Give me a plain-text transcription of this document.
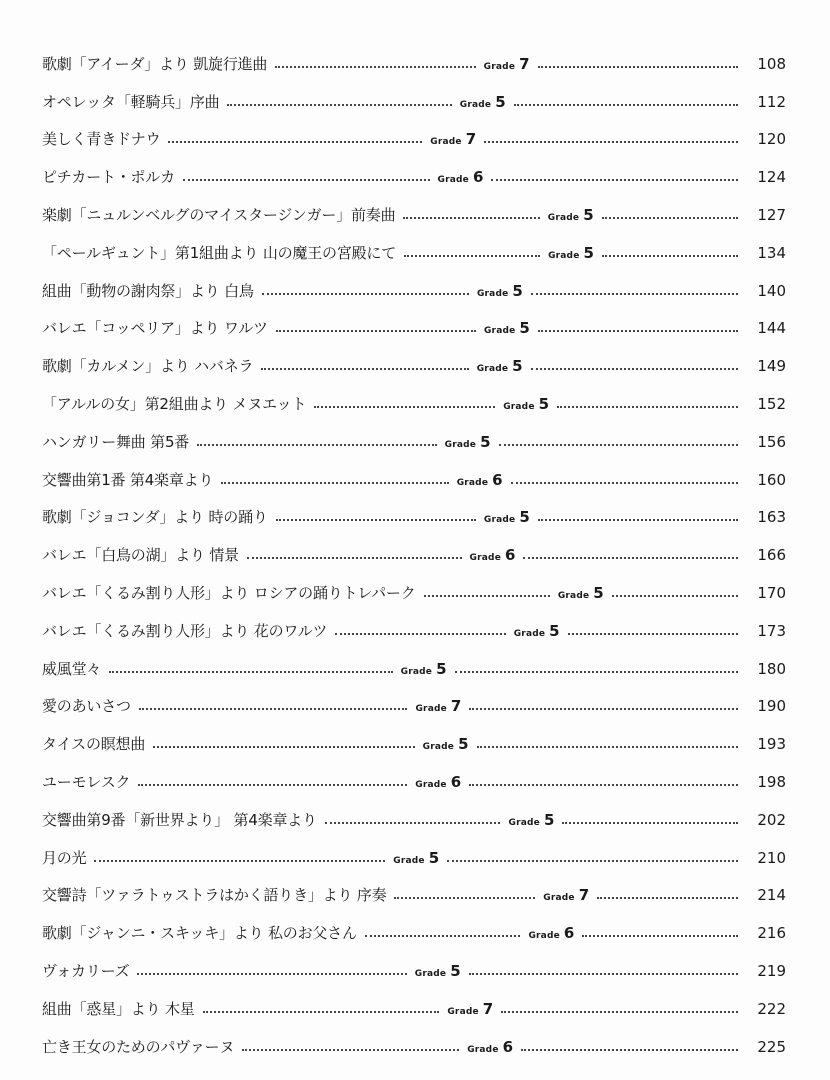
歌劇「アイーダ」より 凱旋行進曲	Grade 7	108
オペレッタ「軽騎兵」序曲	Grade 5	112
美しく青きドナウ	Grade 7	120
ピチカート・ポルカ	Grade 6	124
楽劇「ニュルンベルグのマイスタージンガー」前奏曲	Grade 5	127
「ペールギュント」第1組曲より 山の魔王の宮殿にて	Grade 5	134
組曲「動物の謝肉祭」より 白鳥	Grade 5	140
バレエ「コッペリア」より ワルツ	Grade 5	144
歌劇「カルメン」より ハバネラ	Grade 5	149
「アルルの女」第2組曲より メヌエット	Grade 5	152
ハンガリー舞曲 第5番	Grade 5	156
交響曲第1番 第4楽章より	Grade 6	160
歌劇「ジョコンダ」より 時の踊り	Grade 5	163
バレエ「白鳥の湖」より 情景	Grade 6	166
バレエ「くるみ割り人形」より ロシアの踊りトレパーク	Grade 5	170
バレエ「くるみ割り人形」より 花のワルツ	Grade 5	173
威風堂々	Grade 5	180
愛のあいさつ	Grade 7	190
タイスの瞑想曲	Grade 5	193
ユーモレスク	Grade 6	198
交響曲第9番「新世界より」 第4楽章より	Grade 5	202
月の光	Grade 5	210
交響詩「ツァラトゥストラはかく語りき」より 序奏	Grade 7	214
歌劇「ジャンニ・スキッキ」より 私のお父さん	Grade 6	216
ヴォカリーズ	Grade 5	219
組曲「惑星」より 木星	Grade 7	222
亡き王女のためのパヴァーヌ	Grade 6	225
